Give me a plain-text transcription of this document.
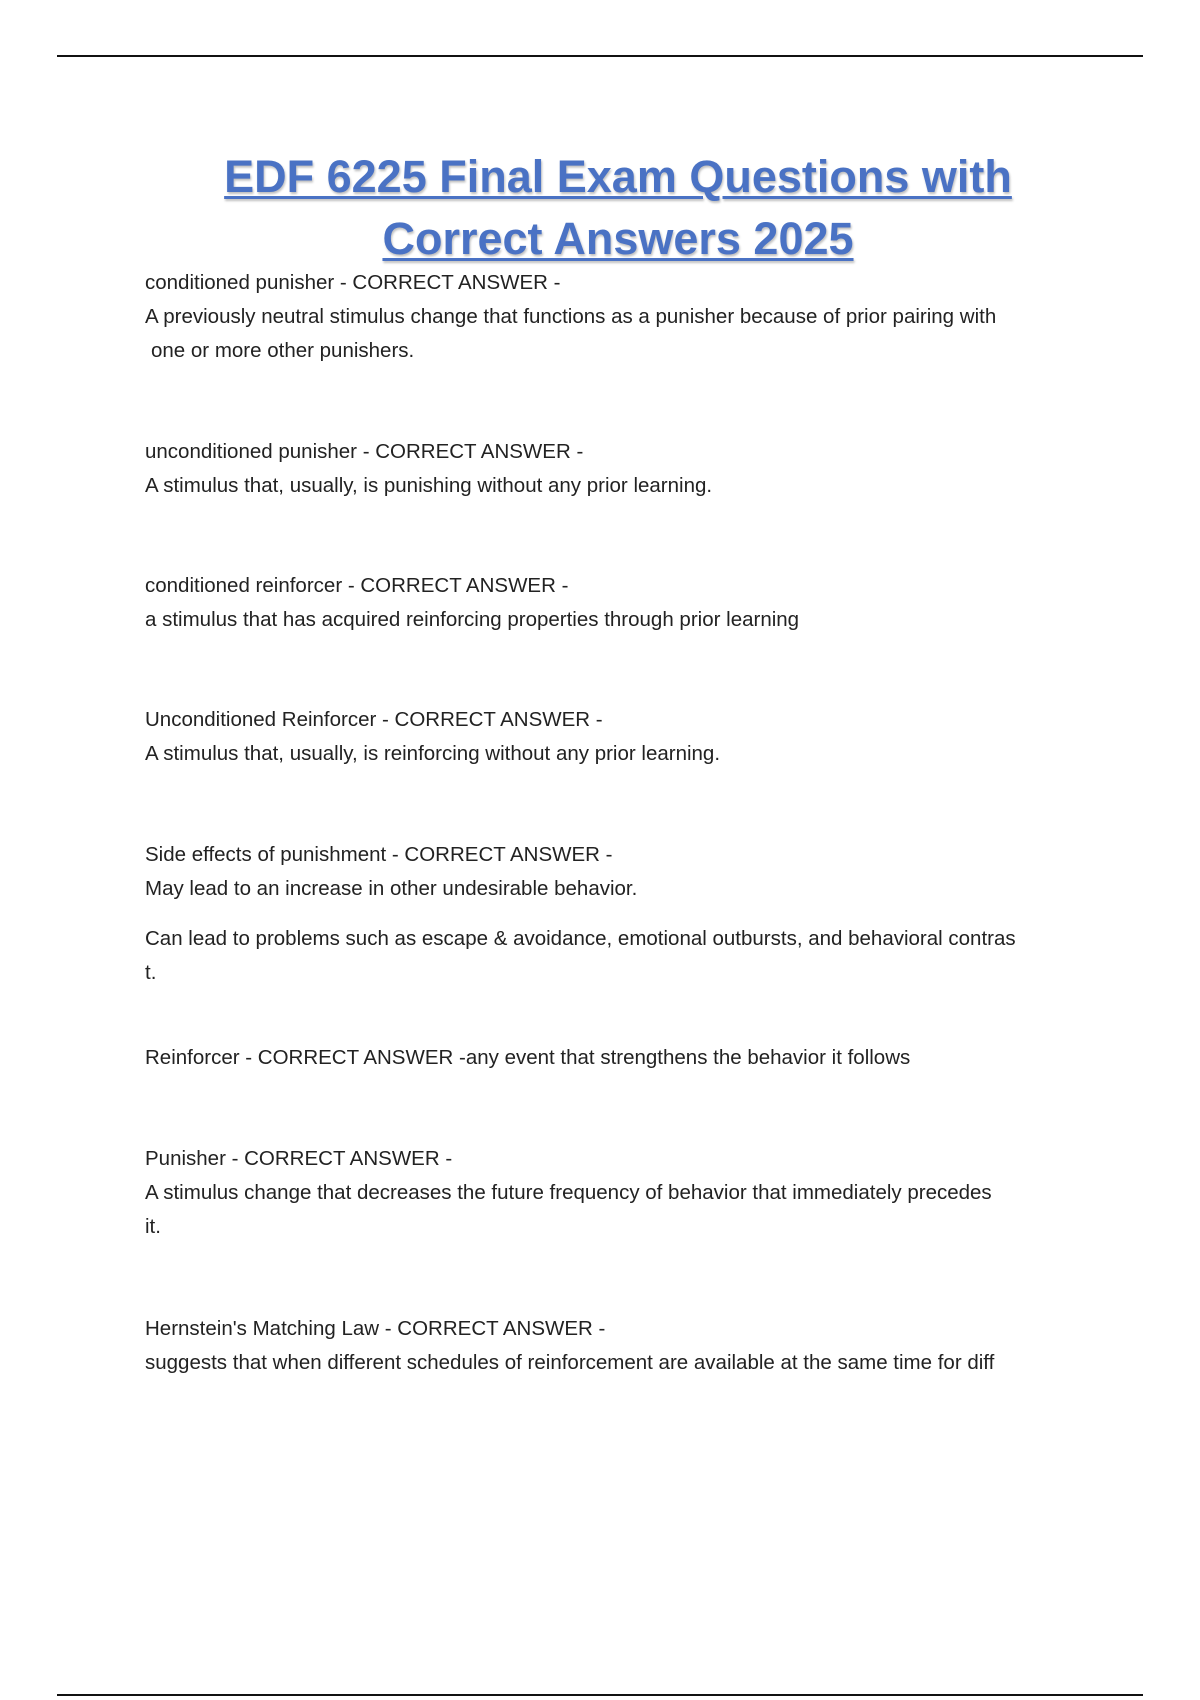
EDF 6225 Final Exam Questions with
Correct Answers 2025

conditioned punisher - CORRECT ANSWER -

A previously neutral stimulus change that functions as a punisher because of prior pairing with

one or more other punishers.

unconditioned punisher - CORRECT ANSWER -

A stimulus that, usually, is punishing without any prior learning.

conditioned reinforcer - CORRECT ANSWER -

a stimulus that has acquired reinforcing properties through prior learning

Unconditioned Reinforcer - CORRECT ANSWER -

A stimulus that, usually, is reinforcing without any prior learning.

Side effects of punishment - CORRECT ANSWER -

May lead to an increase in other undesirable behavior.

Can lead to problems such as escape & avoidance, emotional outbursts, and behavioral contras

t.

Reinforcer - CORRECT ANSWER -any event that strengthens the behavior it follows

Punisher - CORRECT ANSWER -

A stimulus change that decreases the future frequency of behavior that immediately precedes

it.

Hernstein's Matching Law - CORRECT ANSWER -

suggests that when different schedules of reinforcement are available at the same time for diff
